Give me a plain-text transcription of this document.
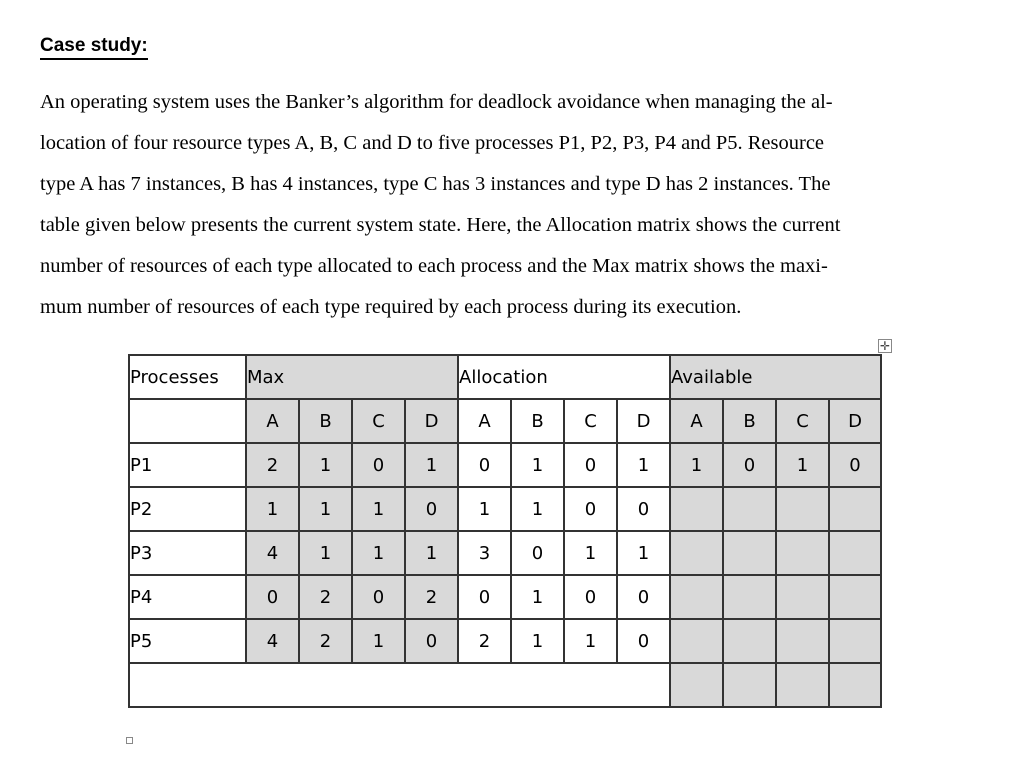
Case study:

An operating system uses the Banker’s algorithm for deadlock avoidance when managing the al-
location of four resource types A, B, C and D to five processes P1, P2, P3, P4 and P5. Resource
type A has 7 instances, B has 4 instances, type C has 3 instances and type D has 2 instances. The
table given below presents the current system state. Here, the Allocation matrix shows the current
number of resources of each type allocated to each process and the Max matrix shows the maxi-
mum number of resources of each type required by each process during its execution.

✛
Processes	Max				Allocation				Available			
	A	B	C	D	A	B	C	D	A	B	C	D
P1	2	1	0	1	0	1	0	1	1	0	1	0
P2	1	1	1	0	1	1	0	0				
P3	4	1	1	1	3	0	1	1				
P4	0	2	0	2	0	1	0	0				
P5	4	2	1	0	2	1	1	0				
